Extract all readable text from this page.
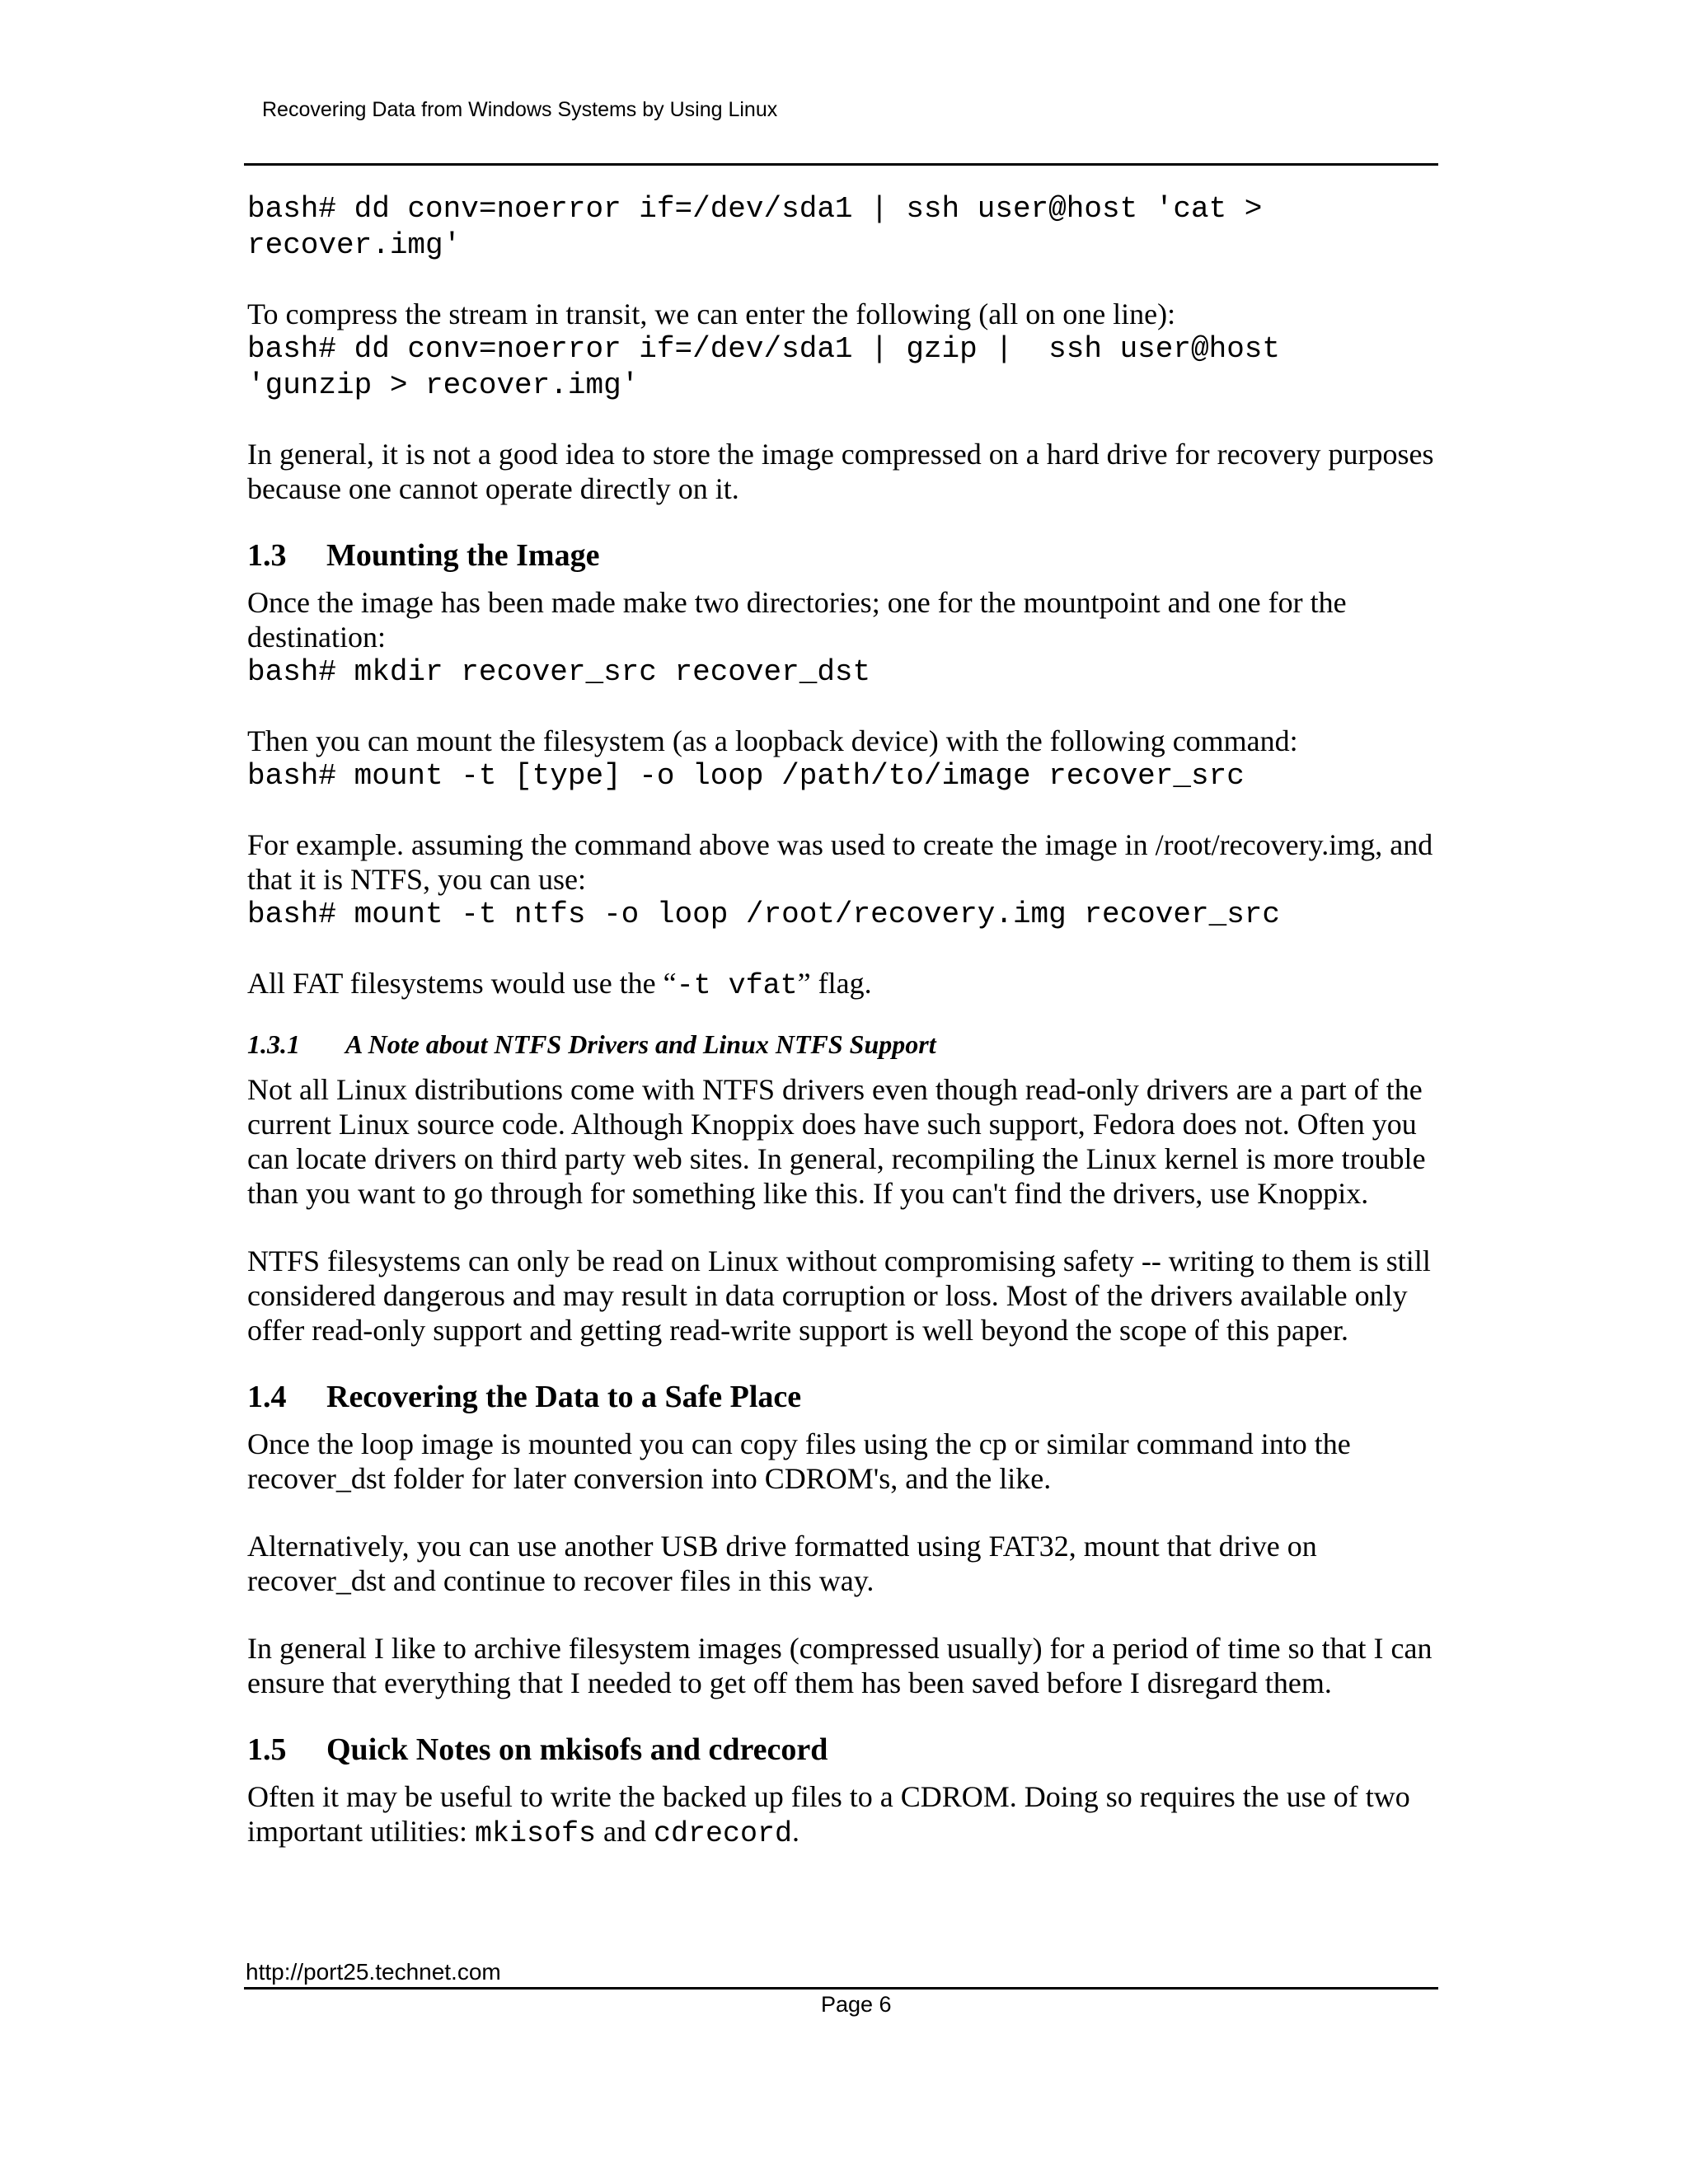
Recovering Data from Windows Systems by Using Linux
bash# dd conv=noerror if=/dev/sda1 | ssh user@host 'cat >
recover.img'
To compress the stream in transit, we can enter the following (all on one line):
bash# dd conv=noerror if=/dev/sda1 | gzip |  ssh user@host
'gunzip > recover.img'
In general, it is not a good idea to store the image compressed on a hard drive for recovery purposes because one cannot operate directly on it.
1.3 Mounting the Image
Once the image has been made make two directories; one for the mountpoint and one for the destination:
bash# mkdir recover_src recover_dst
Then you can mount the filesystem (as a loopback device) with the following command:
bash# mount -t [type] -o loop /path/to/image recover_src
For example. assuming the command above was used to create the image in /root/recovery.img, and that it is NTFS, you can use:
bash# mount -t ntfs -o loop /root/recovery.img recover_src
All FAT filesystems would use the “-t vfat” flag.
1.3.1 A Note about NTFS Drivers and Linux NTFS Support
Not all Linux distributions come with NTFS drivers even though read-only drivers are a part of the current Linux source code. Although Knoppix does have such support, Fedora does not. Often you can locate drivers on third party web sites. In general, recompiling the Linux kernel is more trouble than you want to go through for something like this. If you can't find the drivers, use Knoppix.
NTFS filesystems can only be read on Linux without compromising safety -- writing to them is still considered dangerous and may result in data corruption or loss. Most of the drivers available only offer read-only support and getting read-write support is well beyond the scope of this paper.
1.4 Recovering the Data to a Safe Place
Once the loop image is mounted you can copy files using the cp or similar command into the recover_dst folder for later conversion into CDROM's, and the like.
Alternatively, you can use another USB drive formatted using FAT32, mount that drive on recover_dst and continue to recover files in this way.
In general I like to archive filesystem images (compressed usually) for a period of time so that I can ensure that everything that I needed to get off them has been saved before I disregard them.
1.5 Quick Notes on mkisofs and cdrecord
Often it may be useful to write the backed up files to a CDROM. Doing so requires the use of two important utilities: mkisofs and cdrecord.
http://port25.technet.com
Page 6
